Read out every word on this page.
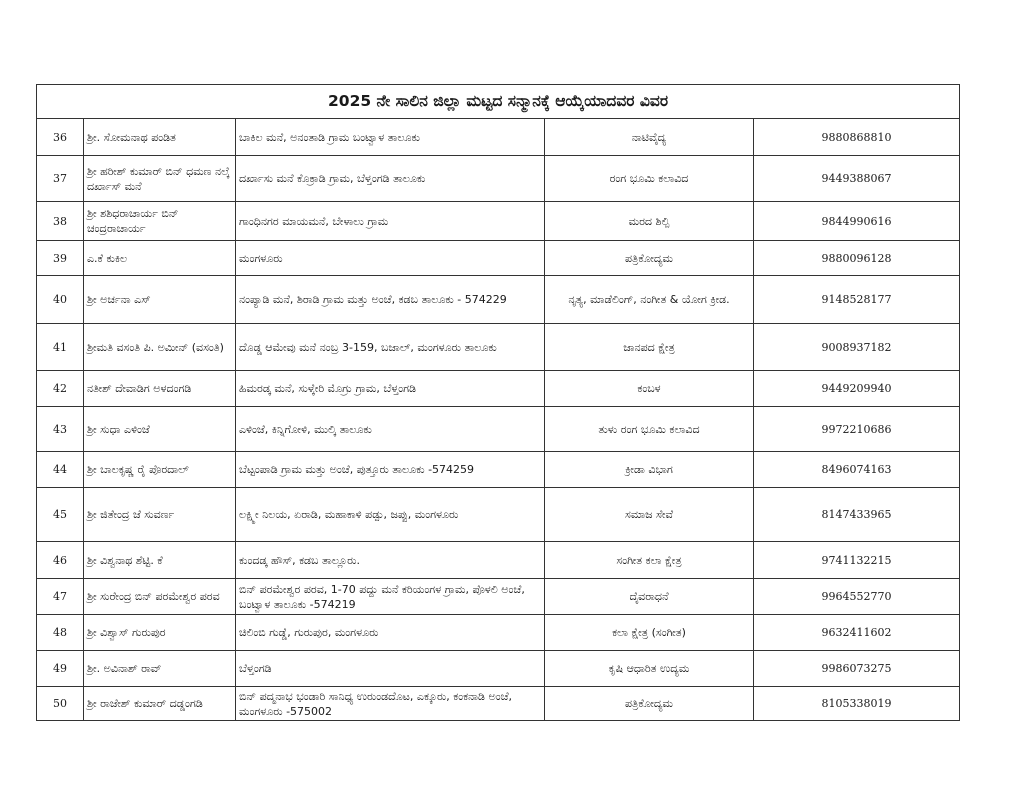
2025 ನೇ ಸಾಲಿನ ಜಿಲ್ಲಾ ಮಟ್ಟದ ಸನ್ಮಾನಕ್ಕೆ ಆಯ್ಕೆಯಾದವರ ವಿವರ				
36	ಶ್ರೀ. ಸೋಮನಾಥ ಪಂಡಿತ	ಬಾಕಿಲ ಮನೆ, ಅನಂತಾಡಿ ಗ್ರಾಮ ಬಂಟ್ವಾಳ ತಾಲೂಕು	ನಾಟಿವೈದ್ಯ	9880868810
37	ಶ್ರೀ ಹರೀಶ್ ಕುಮಾರ್ ಬಿನ್ ಧಮಣ ನಲ್ಕೆ ದರ್ಖಾಸ್ ಮನೆ	ದರ್ಖಾಸು ಮನೆ ಕೊಕ್ರಾಡಿ ಗ್ರಾಮ, ಬೆಳ್ತಂಗಡಿ ತಾಲೂಕು	ರಂಗ ಭೂಮಿ ಕಲಾವಿದ	9449388067
38	ಶ್ರೀ ಶಶಿಧರಾಚಾರ್ಯ ಬಿನ್ ಚಂದ್ರರಾಚಾರ್ಯ	ಗಾಂಧಿನಗರ ಮಾಯಮನೆ, ಬೇಳಾಲು ಗ್ರಾಮ	ಮರದ ಶಿಲ್ಪಿ	9844990616
39	ಎ.ಕೆ ಕುಕಿಲ	ಮಂಗಳೂರು	ಪತ್ರಿಕೋದ್ಯಮ	9880096128
40	ಶ್ರೀ ಅರ್ಚನಾ ಎಸ್	ನಂಪ್ಯಾಡಿ ಮನೆ, ಶಿರಾಡಿ ಗ್ರಾಮ ಮತ್ತು ಅಂಚೆ, ಕಡಬ ತಾಲೂಕು - 574229	ನೃತ್ಯ, ಮಾಡೆಲಿಂಗ್, ನಂಗೀತ & ಯೋಗ ಕ್ರೀಡ.	9148528177
41	ಶ್ರೀಮತಿ ವಸಂತಿ ಪಿ. ಅಮೀನ್ (ವಸಂತಿ)	ದೊಡ್ಡ ಆಮೇವು ಮನೆ ನಂಬ್ರ 3-159, ಬಜಾಲ್, ಮಂಗಳೂರು ತಾಲೂಕು	ಜಾನಪದ ಕ್ಷೇತ್ರ	9008937182
42	ನತೀಶ್ ದೇವಾಡಿಗ ಅಳದಂಗಡಿ	ಹಿಮರಡ್ಕ ಮನೆ, ಸುಳ್ಕೇರಿ ಮೊಗ್ರು ಗ್ರಾಮ, ಬೆಳ್ತಂಗಡಿ	ಕಂಬಳ	9449209940
43	ಶ್ರೀ ಸುಧಾ ಎಳಿಂಜೆ	ಎಳಿಂಜೆ, ಕಿನ್ನಿಗೋಳಿ, ಮುಲ್ಕಿ ತಾಲೂಕು	ತುಳು ರಂಗ ಭೂಮಿ ಕಲಾವಿದ	9972210686
44	ಶ್ರೀ ಬಾಲಕೃಷ್ಣ ರೈ ಪೊರದಾಲ್	ಬೆಟ್ಟಂಪಾಡಿ ಗ್ರಾಮ ಮತ್ತು ಅಂಚೆ, ಪುತ್ತೂರು ತಾಲೂಕು -574259	ಕ್ರೀಡಾ ವಿಭಾಗ	8496074163
45	ಶ್ರೀ ಜಿತೇಂದ್ರ ಜೆ ಸುವರ್ಣ	ಲಕ್ಷ್ಮೀ ನಿಲಯ, ಏರಾಡಿ, ಮಹಾಕಾಳಿ ಪಡ್ಪು, ಜಪ್ಪು, ಮಂಗಳೂರು	ಸಮಾಜ ಸೇವೆ	8147433965
46	ಶ್ರೀ ವಿಶ್ವನಾಥ ಶೆಟ್ಟಿ. ಕೆ	ಕುಂದಡ್ಕ ಹೌಸ್, ಕಡಬ ತಾಲ್ಲೂರು.	ಸಂಗೀತ ಕಲಾ ಕ್ಷೇತ್ರ	9741132215
47	ಶ್ರೀ ಸುರೇಂದ್ರ ಬಿನ್ ಪರಮೇಶ್ವರ ಪರವ	ಬಿನ್ ಪರಮೇಶ್ವರ ಪರವ, 1-70 ಪದ್ದು ಮನೆ ಕರಿಯಂಗಳ ಗ್ರಾಮ, ಪೊಳಲಿ ಅಂಚೆ, ಬಂಟ್ವಾಳ ತಾಲೂಕು -574219	ದೈವರಾಧನೆ	9964552770
48	ಶ್ರೀ ವಿಶ್ವಾಸ್ ಗುರುಪುರ	ಚಿಲಿಂಬಿ ಗುಡ್ಡೆ, ಗುರುಪುರ, ಮಂಗಳೂರು	ಕಲಾ ಕ್ಷೇತ್ರ (ಸಂಗೀತ)	9632411602
49	ಶ್ರೀ. ಅವಿನಾಶ್ ರಾವ್	ಬೆಳ್ತಂಗಡಿ	ಕೃಷಿ ಆಧಾರಿತ ಉದ್ಯಮ	9986073275
50	ಶ್ರೀ ರಾಜೇಶ್ ಕುಮಾರ್ ದಡ್ಡಂಗಡಿ	ಬಿನ್ ಪದ್ಮನಾಭ ಭಂಡಾರಿ ಸಾನಿಧ್ಯ ಉರುಂಡದೊಟ, ಎಕ್ಕೂರು, ಕಂಕನಾಡಿ ಅಂಚೆ, ಮಂಗಳೂರು -575002	ಪತ್ರಿಕೋದ್ಯಮ	8105338019
